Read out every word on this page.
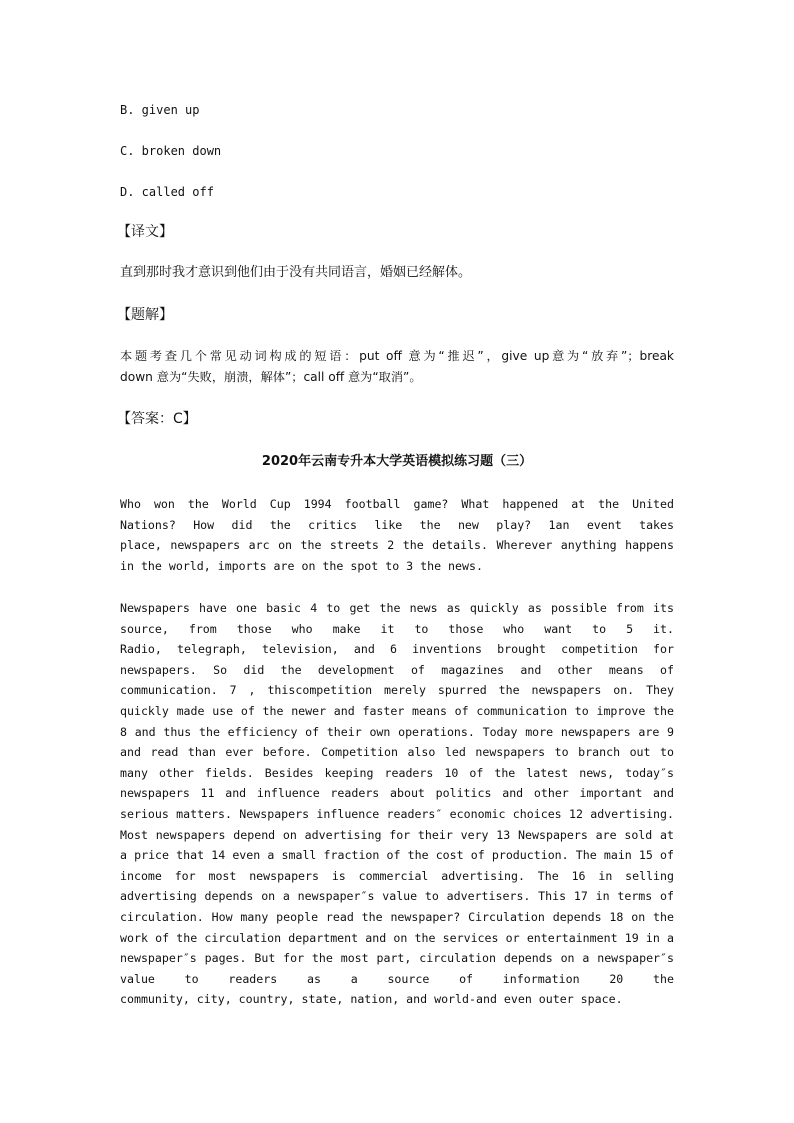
B. given up
C. broken down
D. called off
【译文】
直到那时我才意识到他们由于没有共同语言，婚姻已经解体。
【题解】
本题考查几个常见动词构成的短语：put off 意为“推迟”，give up意为“放弃”；break
down 意为“失败，崩溃，解体”；call off 意为“取消”。
【答案：C】
2020年云南专升本大学英语模拟练习题（三）
Who won the World Cup 1994 football game? What happened at the United
Nations? How did the critics like the new play? 1an event takes
place, newspapers arc on the streets 2 the details. Wherever anything happens
in the world, imports are on the spot to 3 the news.
Newspapers have one basic 4 to get the news as quickly as possible from its
source, from those who make it to those who want to 5 it.
Radio, telegraph, television, and 6 inventions brought competition for
newspapers. So did the development of magazines and other means of
communication. 7 , thiscompetition merely spurred the newspapers on. They
quickly made use of the newer and faster means of communication to improve the
8 and thus the efficiency of their own operations. Today more newspapers are 9
and read than ever before. Competition also led newspapers to branch out to
many other fields. Besides keeping readers 10 of the latest news, today″s
newspapers 11 and influence readers about politics and other important and
serious matters. Newspapers influence readers″ economic choices 12 advertising.
Most newspapers depend on advertising for their very 13 Newspapers are sold at
a price that 14 even a small fraction of the cost of production. The main 15 of
income for most newspapers is commercial advertising. The 16 in selling
advertising depends on a newspaper″s value to advertisers. This 17 in terms of
circulation. How many people read the newspaper? Circulation depends 18 on the
work of the circulation department and on the services or entertainment 19 in a
newspaper″s pages. But for the most part, circulation depends on a newspaper″s
value to readers as a source of information 20 the
community, city, country, state, nation, and world-and even outer space.
